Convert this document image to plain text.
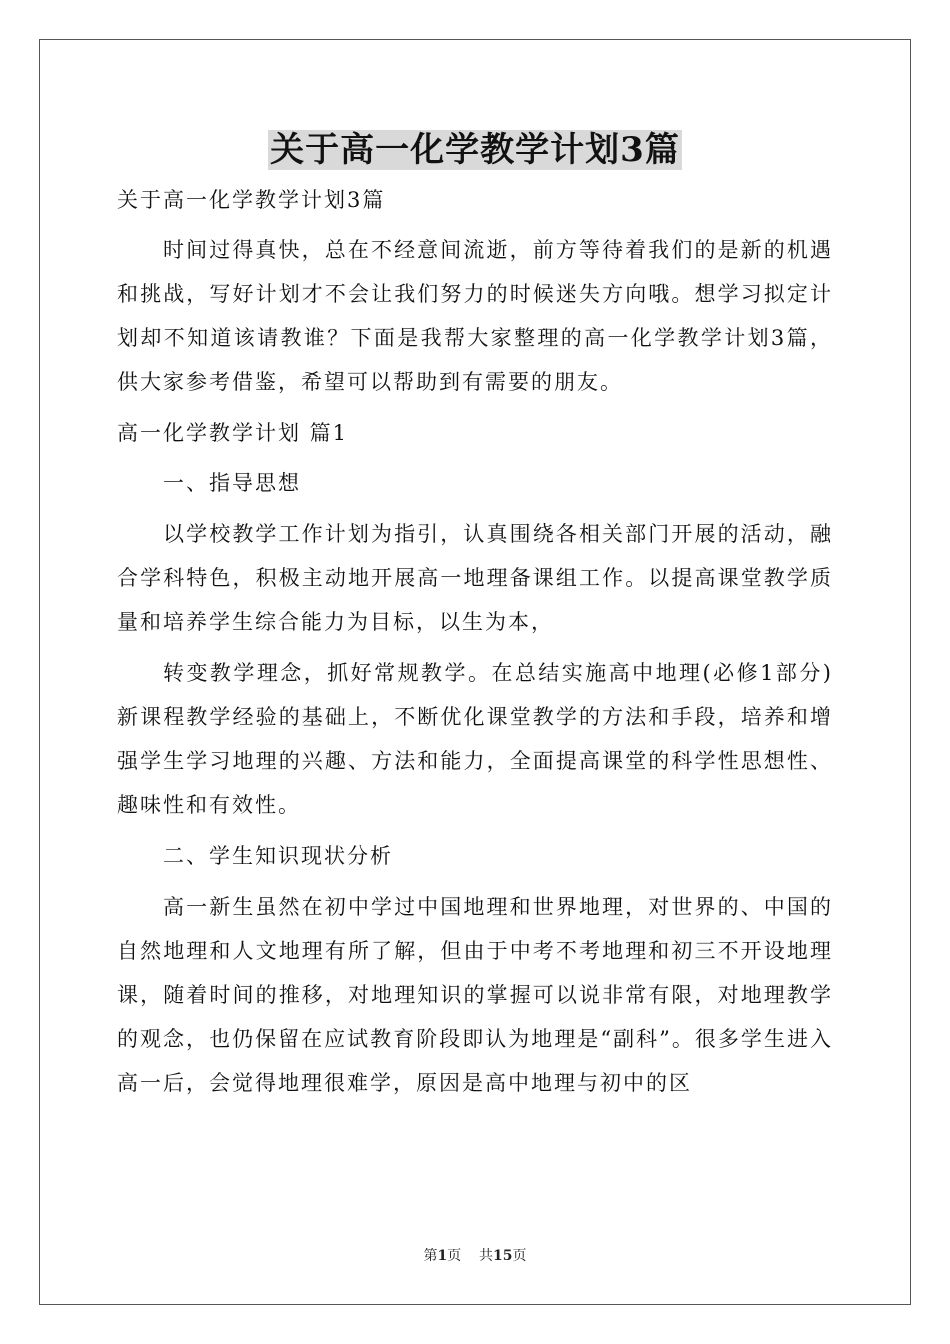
关于高一化学教学计划3篇

关于高一化学教学计划3篇

时间过得真快，总在不经意间流逝，前方等待着我们的是新的机遇和挑战，写好计划才不会让我们努力的时候迷失方向哦。想学习拟定计划却不知道该请教谁？下面是我帮大家整理的高一化学教学计划3篇，供大家参考借鉴，希望可以帮助到有需要的朋友。

高一化学教学计划 篇1

一、指导思想

以学校教学工作计划为指引，认真围绕各相关部门开展的活动，融合学科特色，积极主动地开展高一地理备课组工作。以提高课堂教学质量和培养学生综合能力为目标，以生为本，

转变教学理念，抓好常规教学。在总结实施高中地理(必修1部分)新课程教学经验的基础上，不断优化课堂教学的方法和手段，培养和增强学生学习地理的兴趣、方法和能力，全面提高课堂的科学性思想性、趣味性和有效性。

二、学生知识现状分析

高一新生虽然在初中学过中国地理和世界地理，对世界的、中国的自然地理和人文地理有所了解，但由于中考不考地理和初三不开设地理课，随着时间的推移，对地理知识的掌握可以说非常有限，对地理教学的观念，也仍保留在应试教育阶段即认为地理是“副科”。很多学生进入高一后，会觉得地理很难学，原因是高中地理与初中的区

第1页 共15页
